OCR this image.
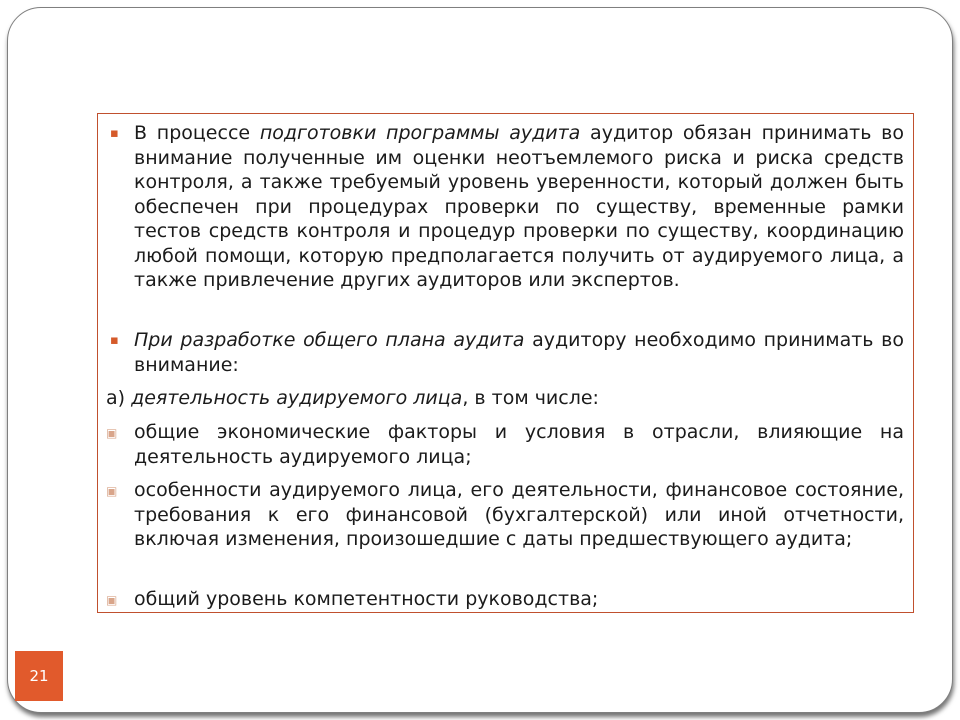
▪ В процессе подготовки программы аудита аудитор обязан принимать во внимание полученные им оценки неотъемлемого риска и риска средств контроля, а также требуемый уровень уверенности, который должен быть обеспечен при процедурах проверки по существу, временные рамки тестов средств контроля и процедур проверки по существу, координацию любой помощи, которую предполагается получить от аудируемого лица, а также привлечение других аудиторов или экспертов.

▪ При разработке общего плана аудита аудитору необходимо принимать во внимание:

а) деятельность аудируемого лица, в том числе:

▣ общие экономические факторы и условия в отрасли, влияющие на деятельность аудируемого лица;

▣ особенности аудируемого лица, его деятельности, финансовое состояние, требования к его финансовой (бухгалтерской) или иной отчетности, включая изменения, произошедшие с даты предшествующего аудита;

▣ общий уровень компетентности руководства;

21
